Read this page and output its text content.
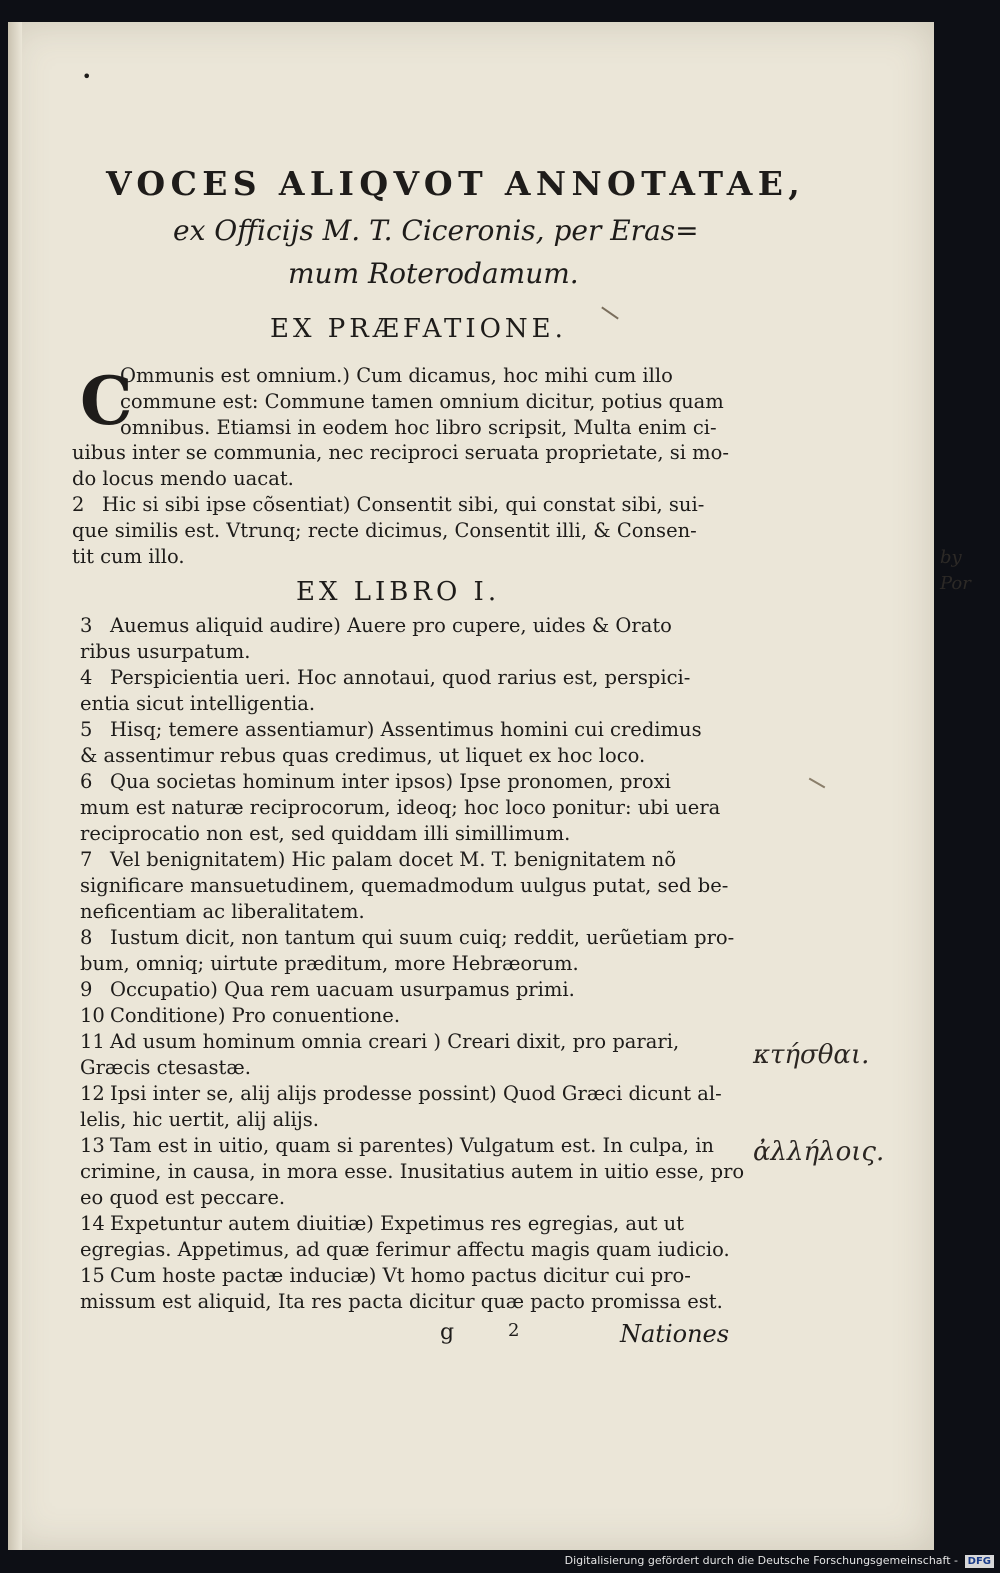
•
VOCES ALIQVOT ANNOTATAE,
ex Officijs M. T. Ciceronis, per Eras=
mum Roterodamum.
EX PRÆFATIONE.
C
Ommunis est omnium.) Cum dicamus, hoc mihi cum illo
commune est: Commune tamen omnium dicitur, potius quam
omnibus. Etiamsi in eodem hoc libro scripsit, Multa enim ci-
uibus inter se communia, nec reciproci seruata proprietate, si mo-
do locus mendo uacat.
2 Hic si sibi ipse cõsentiat) Consentit sibi, qui constat sibi, sui-
que similis est. Vtrunq; recte dicimus, Consentit illi, & Consen-
tit cum illo.
EX LIBRO I.
3 Auemus aliquid audire) Auere pro cupere, uides & Orato
ribus usurpatum.
4 Perspicientia ueri. Hoc annotaui, quod rarius est, perspici-
entia sicut intelligentia.
5 Hisq; temere assentiamur) Assentimus homini cui credimus
& assentimur rebus quas credimus, ut liquet ex hoc loco.
6 Qua societas hominum inter ipsos) Ipse pronomen, proxi
mum est naturæ reciprocorum, ideoq; hoc loco ponitur: ubi uera
reciprocatio non est, sed quiddam illi simillimum.
7 Vel benignitatem) Hic palam docet M. T. benignitatem nõ
significare mansuetudinem, quemadmodum uulgus putat, sed be-
neficentiam ac liberalitatem.
8 Iustum dicit, non tantum qui suum cuiq; reddit, uerũetiam pro-
bum, omniq; uirtute præditum, more Hebræorum.
9 Occupatio) Qua rem uacuam usurpamus primi.
10 Conditione) Pro conuentione.
11 Ad usum hominum omnia creari ) Creari dixit, pro parari,
Græcis ctesastæ.
12 Ipsi inter se, alij alijs prodesse possint) Quod Græci dicunt al-
lelis, hic uertit, alij alijs.
13 Tam est in uitio, quam si parentes) Vulgatum est. In culpa, in
crimine, in causa, in mora esse. Inusitatius autem in uitio esse, pro
eo quod est peccare.
14 Expetuntur autem diuitiæ) Expetimus res egregias, aut ut
egregias. Appetimus, ad quæ ferimur affectu magis quam iudicio.
15 Cum hoste pactæ induciæ) Vt homo pactus dicitur cui pro-
missum est aliquid, Ita res pacta dicitur quæ pacto promissa est.
g	2	Nationes
κτήσθαι.
ἀλλήλοις.
by
Por
Digitalisierung gefördert durch die Deutsche Forschungsgemeinschaft - DFG
